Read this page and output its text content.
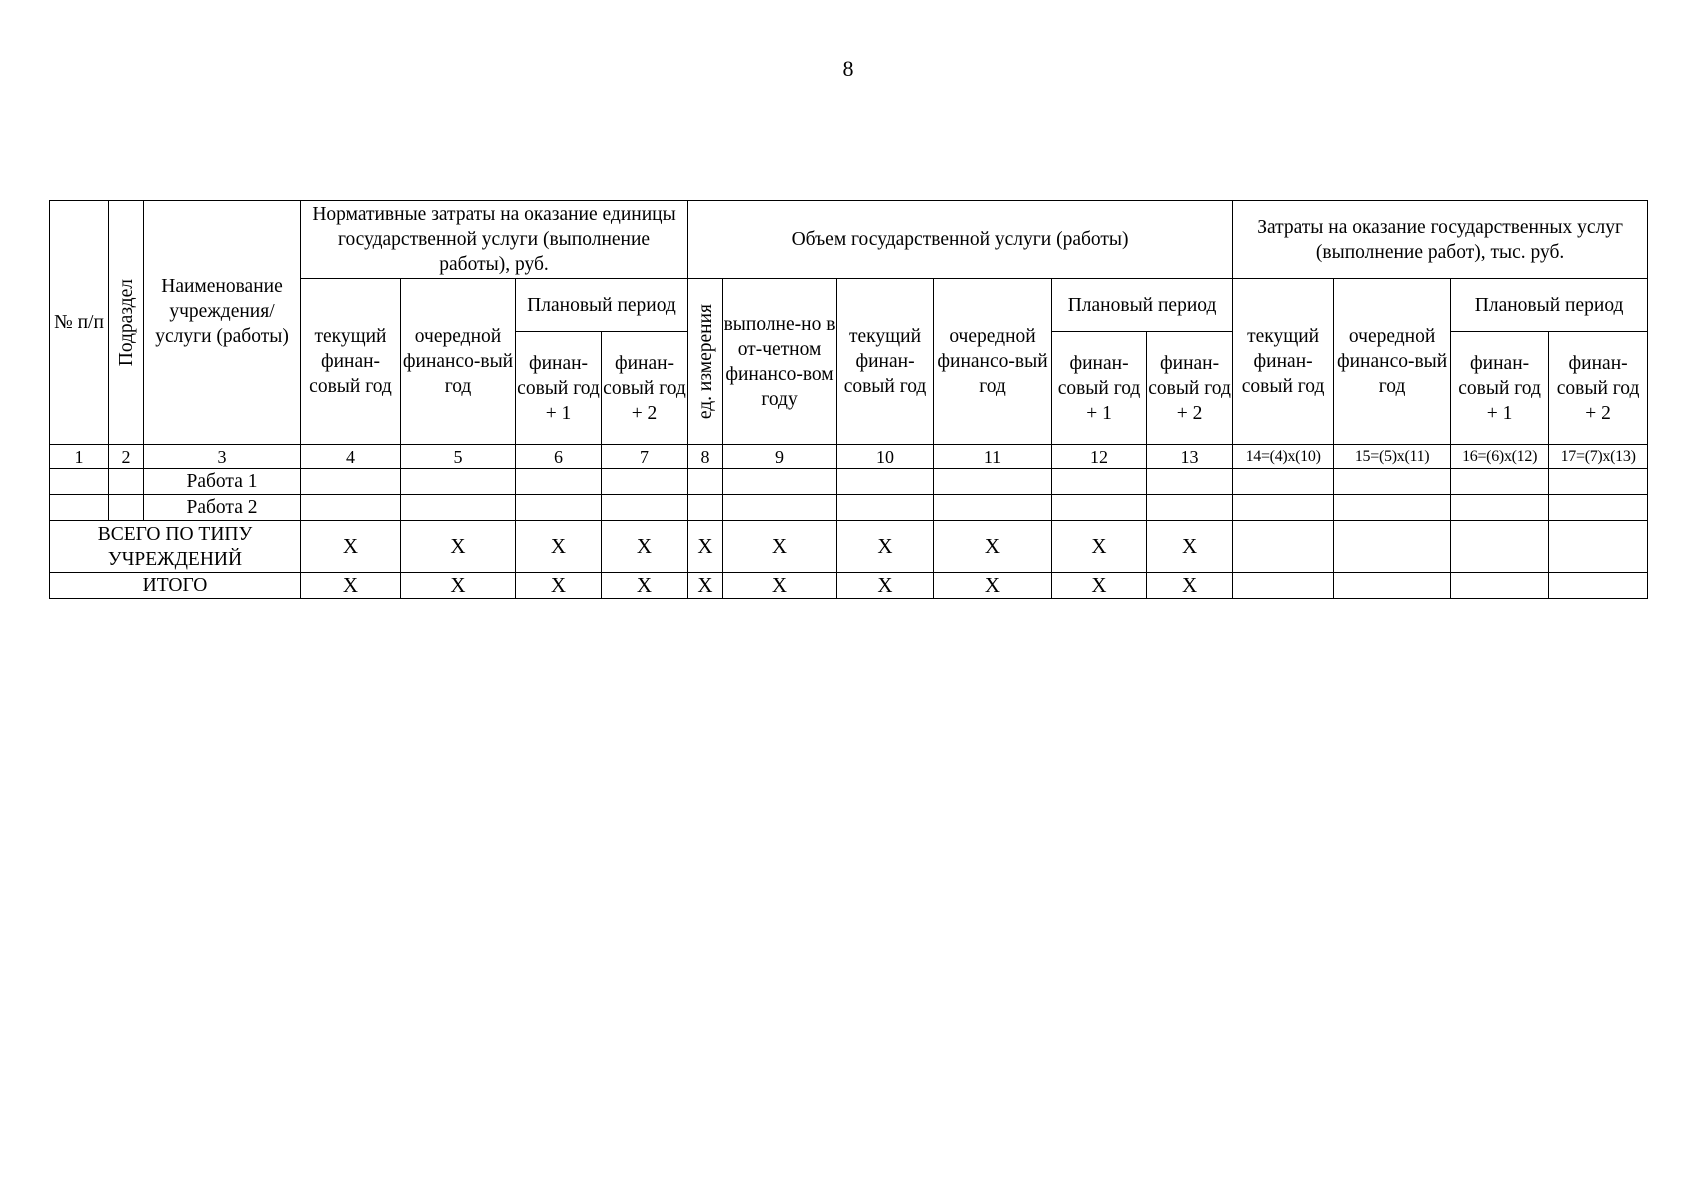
8
№ п/п	Подраздел	Наименование учреждения/ услуги (работы)	Нормативные затраты на оказание единицы государственной услуги (выполнение работы), руб.				Объем государственной услуги (работы)						Затраты на оказание государственных услуг (выполнение работ), тыс. руб.			
			текущий финан-совый год	очередной финансо-вый год	Плановый период		ед. измерения	выполне-но в от-четном финансо-вом году	текущий финан-совый год	очередной финансо-вый год	Плановый период		текущий финан-совый год	очередной финансо-вый год	Плановый период	
					финан-совый год + 1	финан-совый год + 2					финан-совый год + 1	финан-совый год + 2			финан-совый год + 1	финан-совый год + 2
1	2	3	4	5	6	7	8	9	10	11	12	13	14=(4)х(10)	15=(5)х(11)	16=(6)х(12)	17=(7)х(13)
		Работа 1														
		Работа 2														
ВСЕГО ПО ТИПУ УЧРЕЖДЕНИЙ			X	X	X	X	X	X	X	X	X	X				
ИТОГО			X	X	X	X	X	X	X	X	X	X				
